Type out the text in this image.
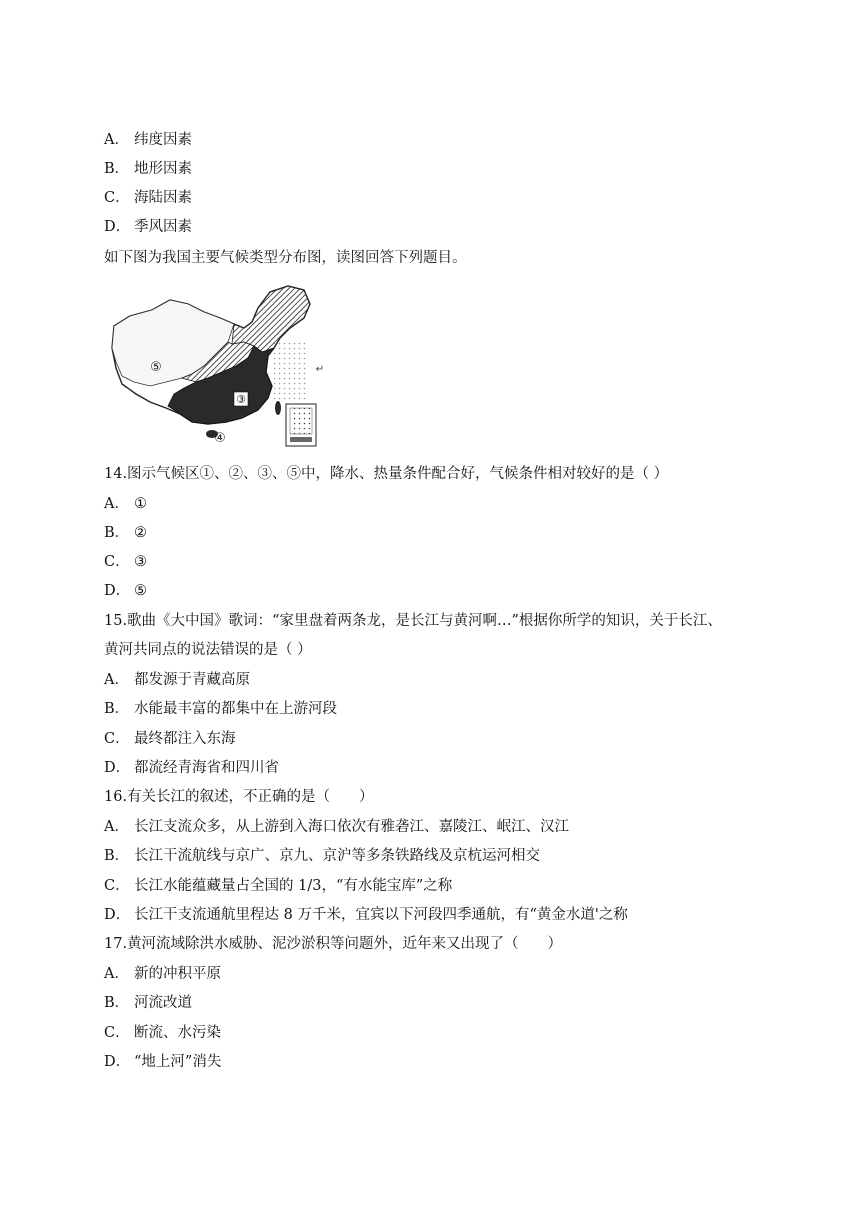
A． 纬度因素
B． 地形因素
C． 海陆因素
D． 季风因素
如下图为我国主要气候类型分布图，读图回答下列题目。
③
⑤
④
↵
14.图示气候区①、②、③、⑤中，降水、热量条件配合好，气候条件相对较好的是（ ）
A． ①
B． ②
C． ③
D． ⑤
15.歌曲《大中国》歌词：“家里盘着两条龙，是长江与黄河啊…”根据你所学的知识，关于长江、
黄河共同点的说法错误的是（ ）
A． 都发源于青藏高原
B． 水能最丰富的都集中在上游河段
C． 最终都注入东海
D． 都流经青海省和四川省
16.有关长江的叙述，不正确的是（　　）
A． 长江支流众多，从上游到入海口依次有雅砻江、嘉陵江、岷江、汉江
B． 长江干流航线与京广、京九、京沪等多条铁路线及京杭运河相交
C． 长江水能蕴藏量占全国的 1/3，“有水能宝库”之称
D． 长江干支流通航里程达 8 万千米，宜宾以下河段四季通航，有“黄金水道'之称
17.黄河流域除洪水威胁、泥沙淤积等问题外，近年来又出现了（　　）
A． 新的冲积平原
B． 河流改道
C． 断流、水污染
D． “地上河”消失
